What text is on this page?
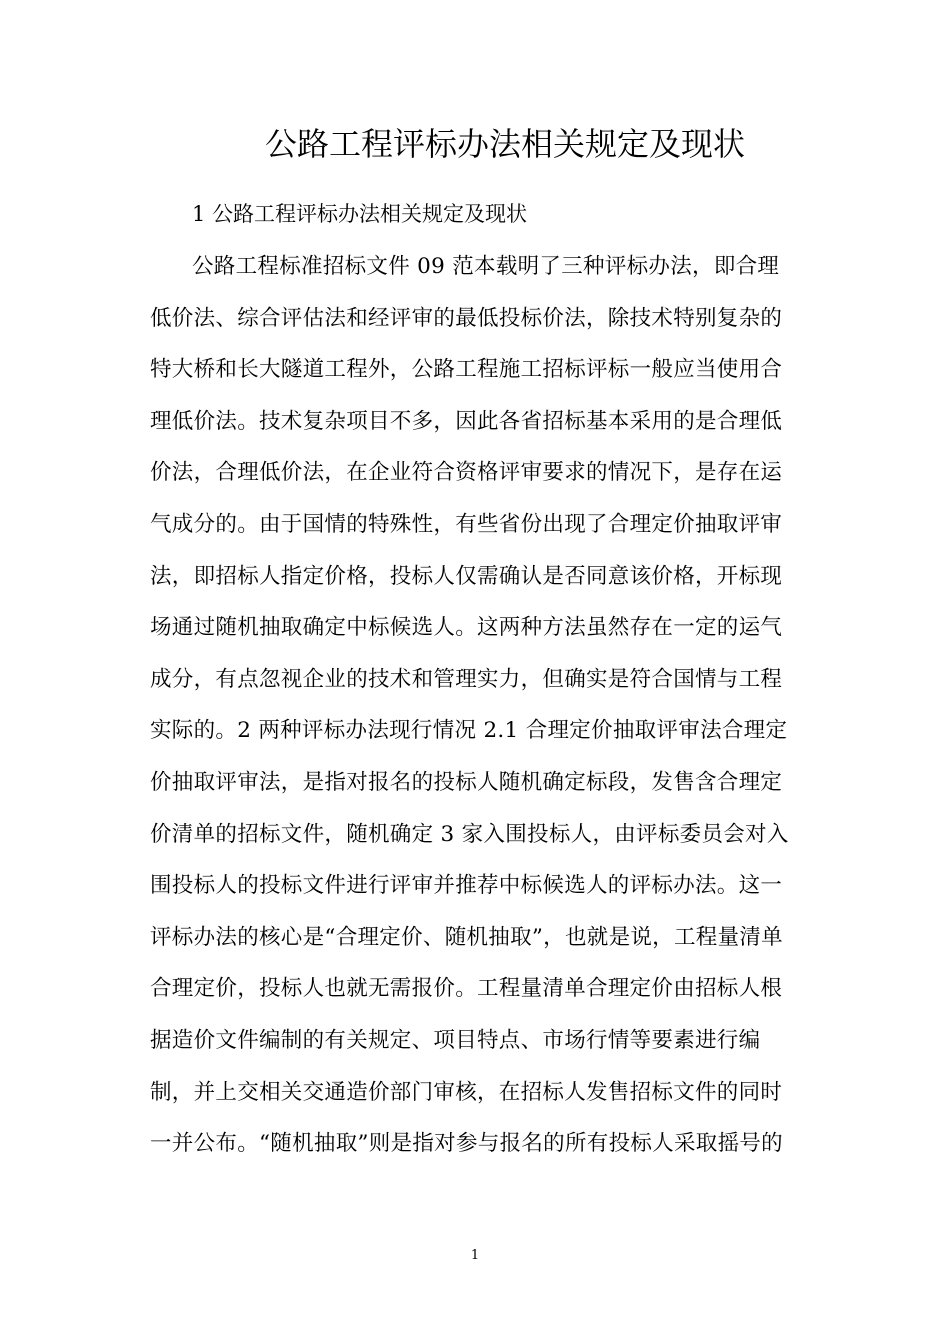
公路工程评标办法相关规定及现状
1 公路工程评标办法相关规定及现状
公路工程标准招标文件 09 范本载明了三种评标办法，即合理
低价法、综合评估法和经评审的最低投标价法，除技术特别复杂的
特大桥和长大隧道工程外，公路工程施工招标评标一般应当使用合
理低价法。技术复杂项目不多，因此各省招标基本采用的是合理低
价法，合理低价法，在企业符合资格评审要求的情况下，是存在运
气成分的。由于国情的特殊性，有些省份出现了合理定价抽取评审
法，即招标人指定价格，投标人仅需确认是否同意该价格，开标现
场通过随机抽取确定中标候选人。这两种方法虽然存在一定的运气
成分，有点忽视企业的技术和管理实力，但确实是符合国情与工程
实际的。2 两种评标办法现行情况 2.1 合理定价抽取评审法合理定
价抽取评审法，是指对报名的投标人随机确定标段，发售含合理定
价清单的招标文件，随机确定 3 家入围投标人，由评标委员会对入
围投标人的投标文件进行评审并推荐中标候选人的评标办法。这一
评标办法的核心是“合理定价、随机抽取”，也就是说，工程量清单
合理定价，投标人也就无需报价。工程量清单合理定价由招标人根
据造价文件编制的有关规定、项目特点、市场行情等要素进行编
制，并上交相关交通造价部门审核，在招标人发售招标文件的同时
一并公布。“随机抽取”则是指对参与报名的所有投标人采取摇号的
1
